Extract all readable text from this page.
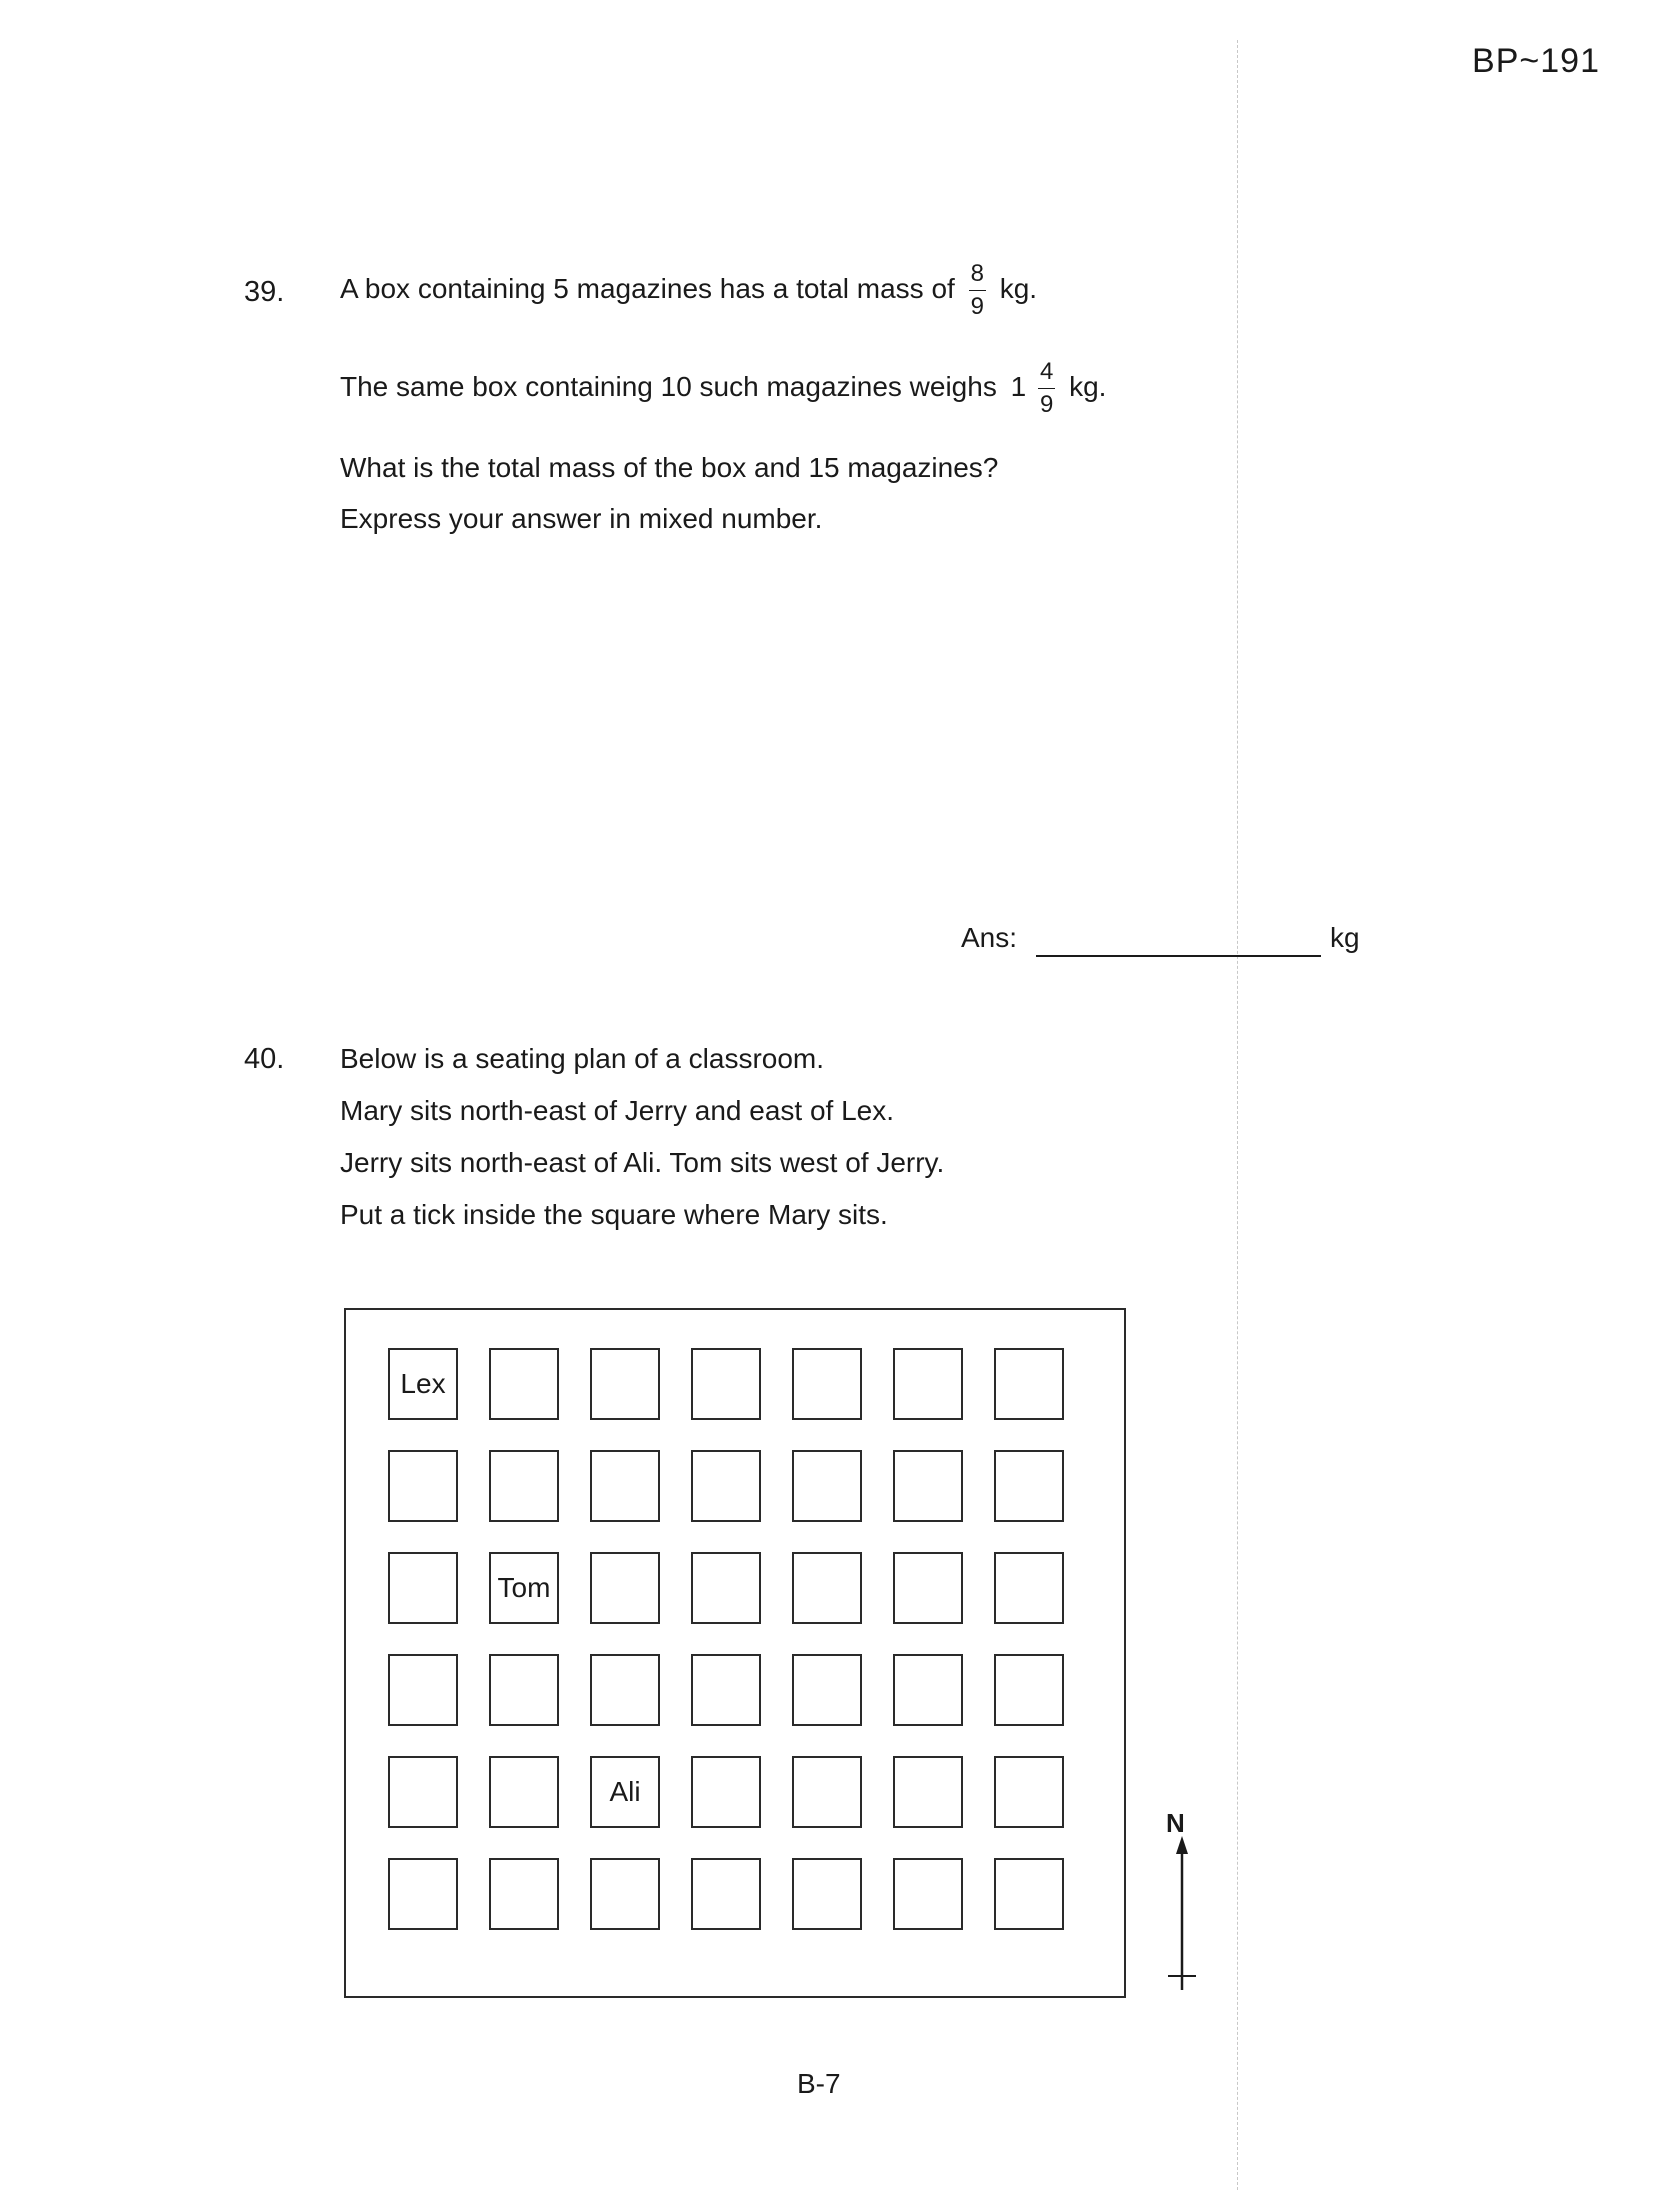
BP~191
39. A box containing 5 magazines has a total mass of $\frac{8}{9}$ kg.
The same box containing 10 such magazines weighs $1 \frac{4}{9}$ kg.
What is the total mass of the box and 15 magazines?
Express your answer in mixed number.
Ans:	kg
40. Below is a seating plan of a classroom.
Mary sits north-east of Jerry and east of Lex.
Jerry sits north-east of Ali. Tom sits west of Jerry.
Put a tick inside the square where Mary sits.
Lex
Tom
Ali
N
B-7
